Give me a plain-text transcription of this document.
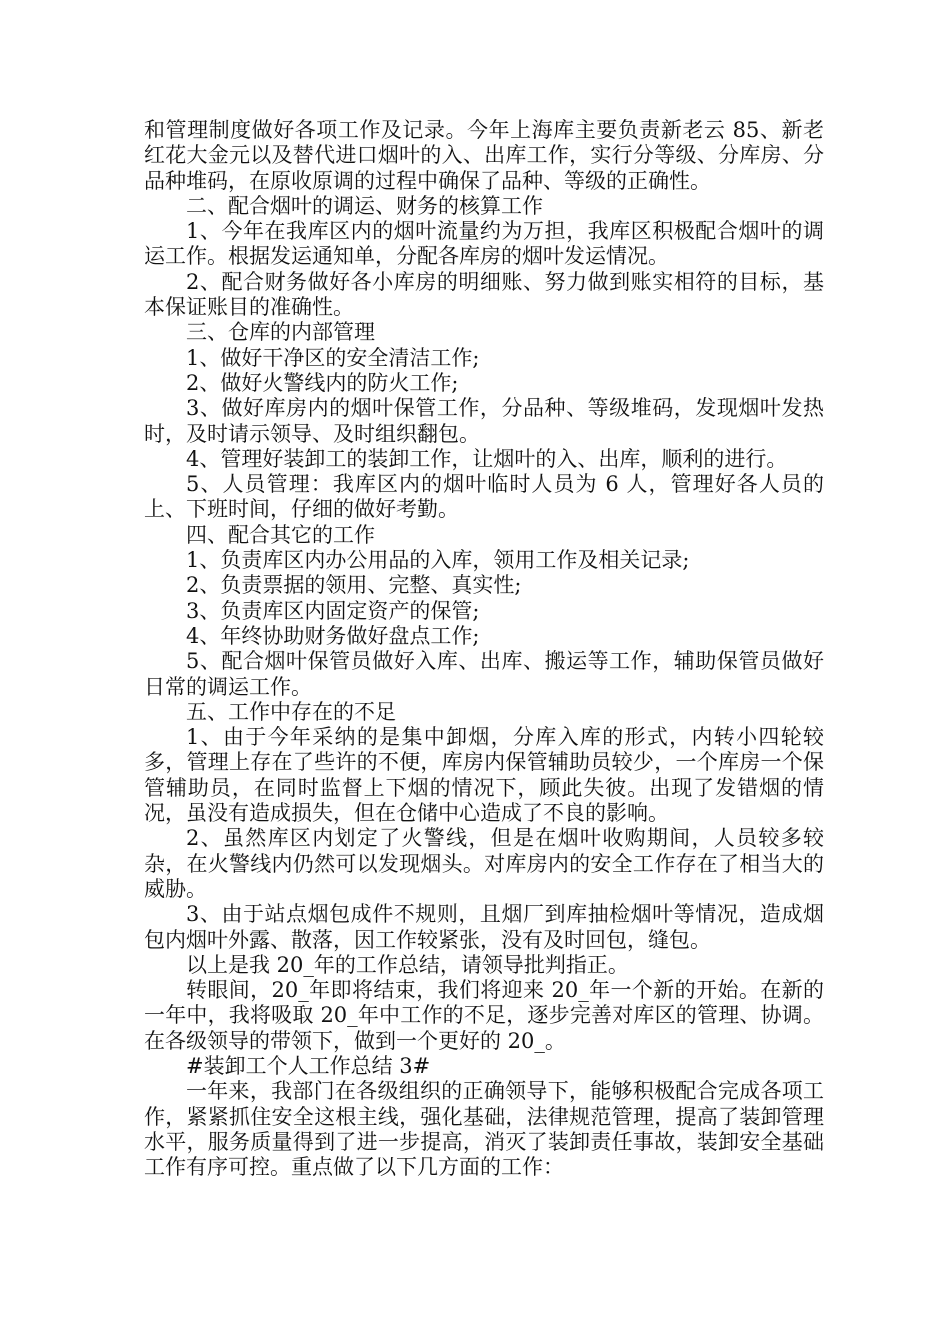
和管理制度做好各项工作及记录。今年上海库主要负责新老云 85、新老红花大金元以及替代进口烟叶的入、出库工作，实行分等级、分库房、分品种堆码，在原收原调的过程中确保了品种、等级的正确性。

二、配合烟叶的调运、财务的核算工作

1、今年在我库区内的烟叶流量约为万担，我库区积极配合烟叶的调运工作。根据发运通知单，分配各库房的烟叶发运情况。

2、配合财务做好各小库房的明细账、努力做到账实相符的目标，基本保证账目的准确性。

三、仓库的内部管理

1、做好干净区的安全清洁工作;

2、做好火警线内的防火工作;

3、做好库房内的烟叶保管工作，分品种、等级堆码，发现烟叶发热时，及时请示领导、及时组织翻包。

4、管理好装卸工的装卸工作，让烟叶的入、出库，顺利的进行。

5、人员管理：我库区内的烟叶临时人员为 6 人，管理好各人员的上、下班时间，仔细的做好考勤。

四、配合其它的工作

1、负责库区内办公用品的入库，领用工作及相关记录;

2、负责票据的领用、完整、真实性;

3、负责库区内固定资产的保管;

4、年终协助财务做好盘点工作;

5、配合烟叶保管员做好入库、出库、搬运等工作，辅助保管员做好日常的调运工作。

五、工作中存在的不足

1、由于今年采纳的是集中卸烟，分库入库的形式，内转小四轮较多，管理上存在了些许的不便，库房内保管辅助员较少，一个库房一个保管辅助员，在同时监督上下烟的情况下，顾此失彼。出现了发错烟的情况，虽没有造成损失，但在仓储中心造成了不良的影响。

2、虽然库区内划定了火警线，但是在烟叶收购期间，人员较多较杂，在火警线内仍然可以发现烟头。对库房内的安全工作存在了相当大的威胁。

3、由于站点烟包成件不规则，且烟厂到库抽检烟叶等情况，造成烟包内烟叶外露、散落，因工作较紧张，没有及时回包，缝包。

以上是我 20_年的工作总结，请领导批判指正。

转眼间，20_年即将结束，我们将迎来 20_年一个新的开始。在新的一年中，我将吸取 20_年中工作的不足，逐步完善对库区的管理、协调。在各级领导的带领下，做到一个更好的 20_。

#装卸工个人工作总结 3#

一年来，我部门在各级组织的正确领导下，能够积极配合完成各项工作，紧紧抓住安全这根主线，强化基础，法律规范管理，提高了装卸管理水平，服务质量得到了进一步提高，消灭了装卸责任事故，装卸安全基础工作有序可控。重点做了以下几方面的工作：
